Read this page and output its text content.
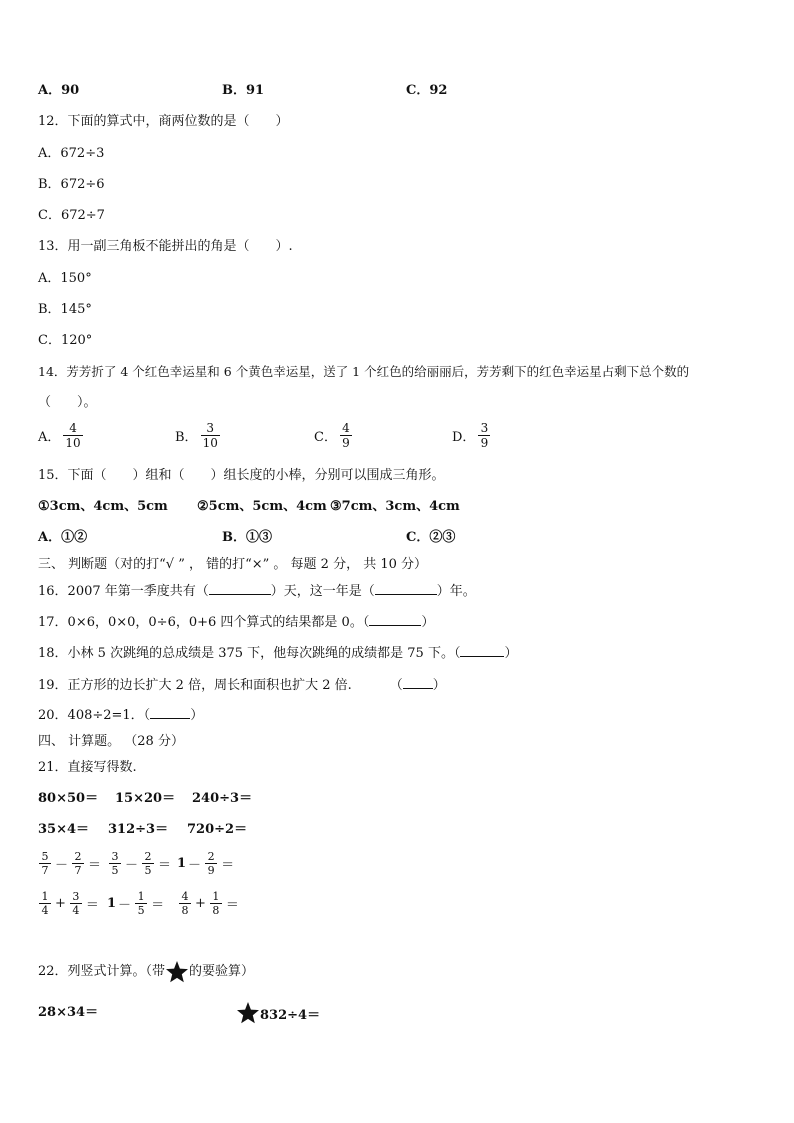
A．90	B．91	C．92
12．下面的算式中，商两位数的是（　　）
A．672÷3
B．672÷6
C．672÷7
13．用一副三角板不能拼出的角是（　　）.
A．150°
B．145°
C．120°
14．芳芳折了 4 个红色幸运星和 6 个黄色幸运星，送了 1 个红色的给丽丽后，芳芳剩下的红色幸运星占剩下总个数的
（　　）。
A． $\frac{4}{10}$	B． $\frac{3}{10}$	C． $\frac{4}{9}$	D． $\frac{3}{9}$
15．下面（　　）组和（　　）组长度的小棒，分别可以围成三角形。
①3cm、4cm、5cm ②5cm、5cm、4cm ③7cm、3cm、4cm
A．①②	B．①③	C．②③
三、 判断题（对的打“√ ” ， 错的打“×” 。 每题 2 分， 共 10 分）
16．2007 年第一季度共有（	）天，这一年是（	）年。
17．0×6，0×0，0÷6，0+6 四个算式的结果都是 0。（	）
18．小林 5 次跳绳的总成绩是 375 下，他每次跳绳的成绩都是 75 下。（	）
19．正方形的边长扩大 2 倍，周长和面积也扩大 2 倍.	（ ）
20．408÷2=1．（	）
四、 计算题。 （28 分）
21．直接写得数.
80×50＝ 15×20＝ 240÷3＝
35×4＝ 312÷3＝ 720÷2＝
$\frac{5}{7} - \frac{2}{7} = \frac{3}{5} - \frac{2}{5} = 1 - \frac{2}{9}$ ＝
$\frac{1}{4} + \frac{3}{4} = 1 - \frac{1}{5} = \frac{4}{8} + \frac{1}{8}$ ＝
22．列竖式计算。（带 的要验算）
28×34＝	832÷4＝
